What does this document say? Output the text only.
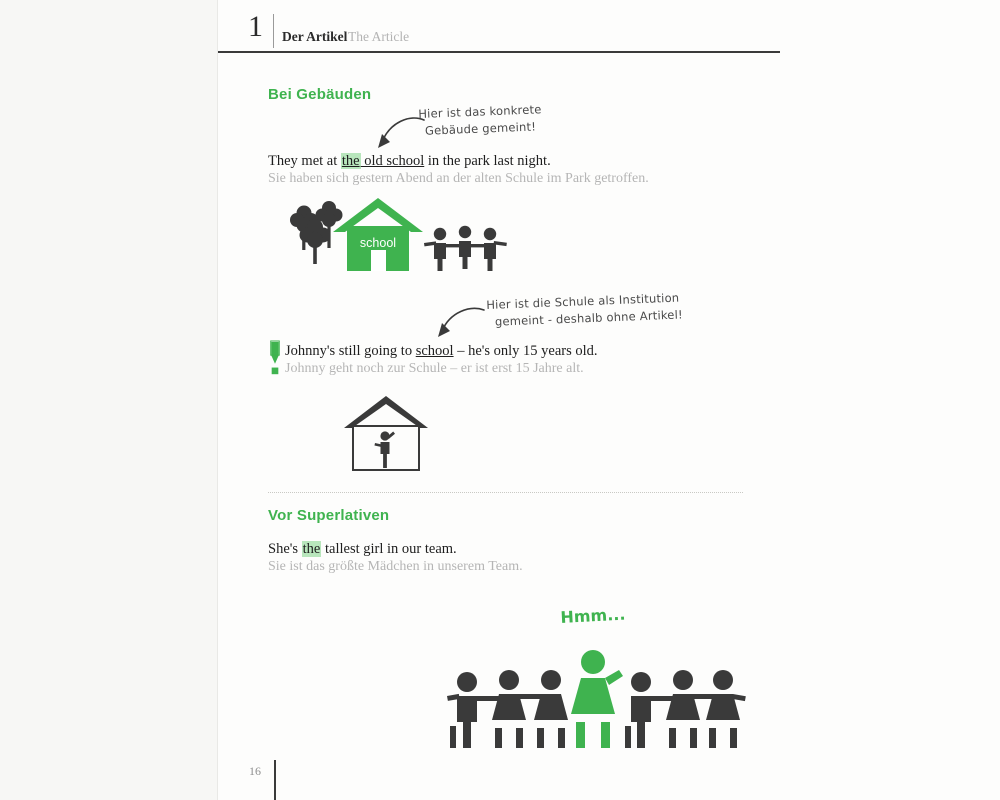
1 Der Artikel The Article
Bei Gebäuden
Hier ist das konkrete
Gebäude gemeint!
They met at the old school in the park last night.
Sie haben sich gestern Abend an der alten Schule im Park getroffen.
school
Hier ist die Schule als Institution
gemeint - deshalb ohne Artikel!
Johnny's still going to school – he's only 15 years old.
Johnny geht noch zur Schule – er ist erst 15 Jahre alt.
Vor Superlativen
She's the tallest girl in our team.
Sie ist das größte Mädchen in unserem Team.
Hmm...
16
